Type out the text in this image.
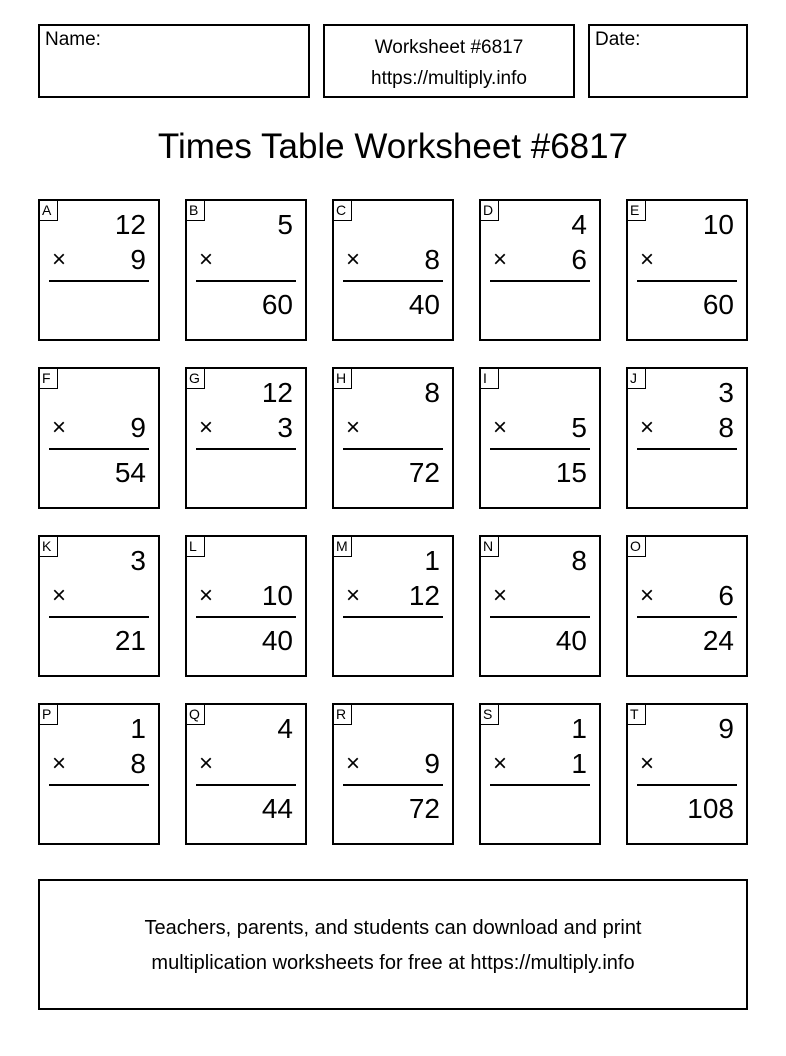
Name:	Worksheet #6817
https://multiply.info
Date:
Times Table Worksheet #6817
A 12
× 9
B	5
×
60
C
× 8
40
D	4
× 6
E 10
×
60
F
× 9
54
G 12
× 3
H	8
×
72
I
× 5
15
J	3
× 8
K	3
×
21
L
× 10
40
M	1
× 12
N	8
×
40
O
× 6
24
P	1
× 8
Q	4
×
44
R
× 9
72
S	1
× 1
T	9
×
108
Teachers, parents, and students can download and print
multiplication worksheets for free at https://multiply.info
